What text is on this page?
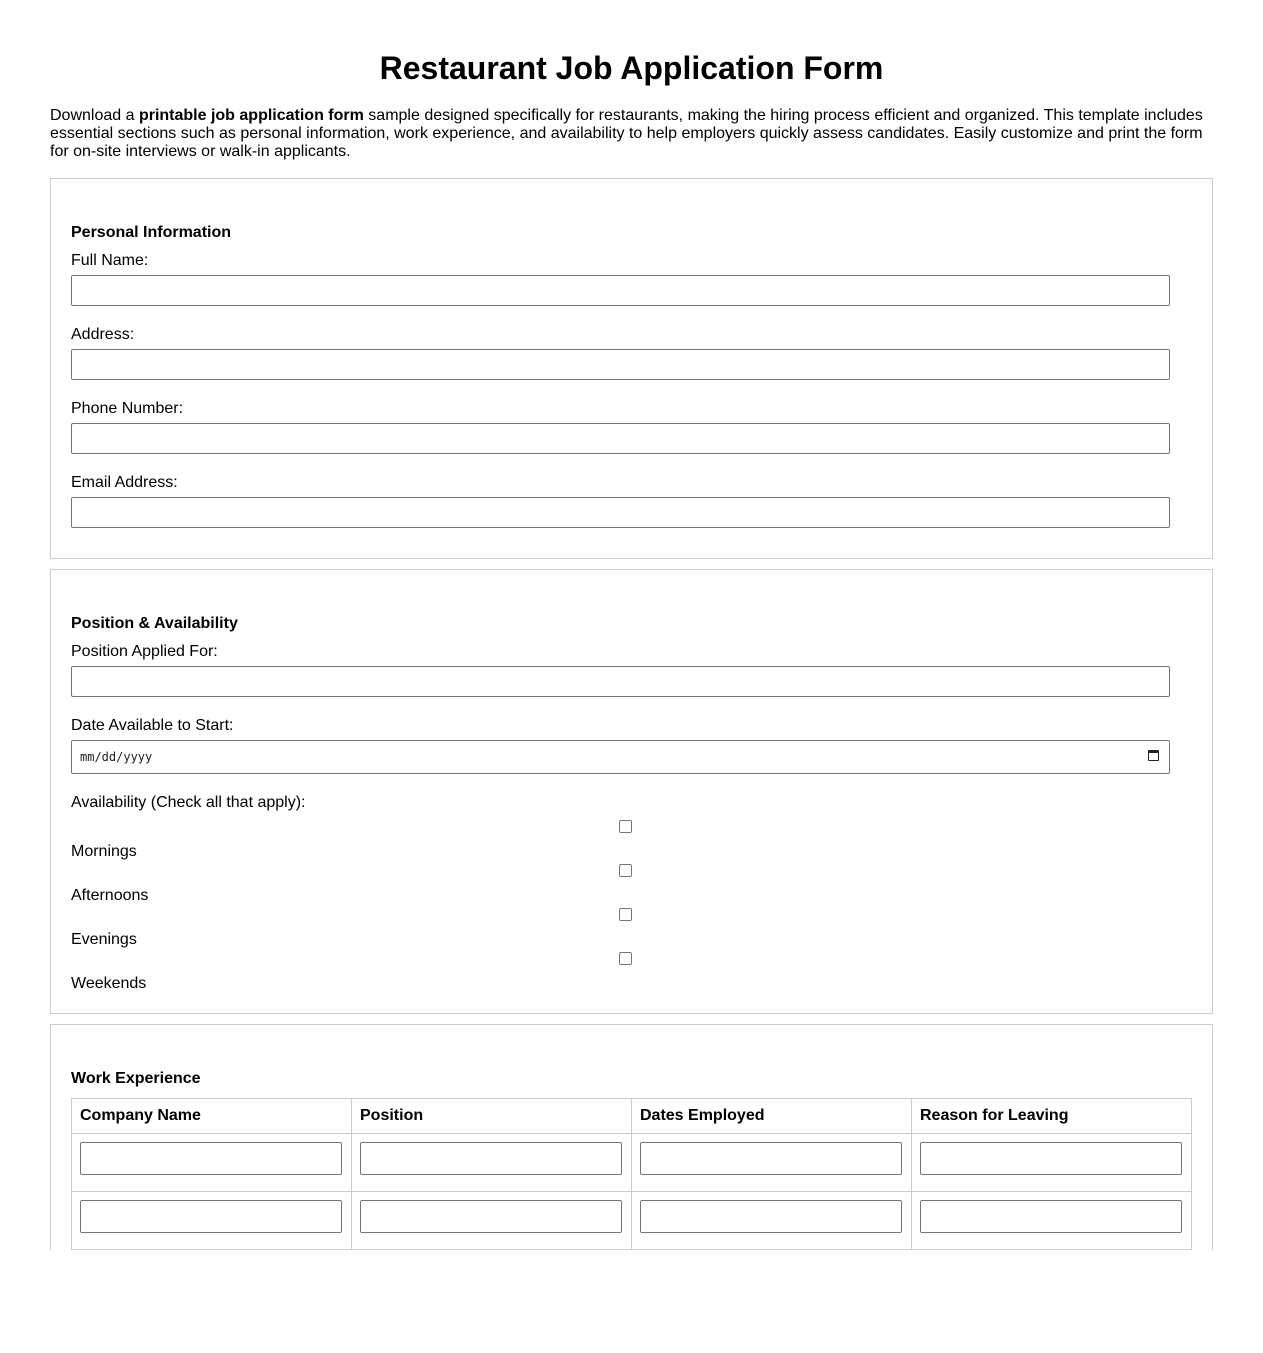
Restaurant Job Application Form

Download a printable job application form sample designed specifically for restaurants, making the hiring process efficient and organized. This template includes essential sections such as personal information, work experience, and availability to help employers quickly assess candidates. Easily customize and print the form for on-site interviews or walk-in applicants.

Personal Information
Full Name:
Address:
Phone Number:
Email Address:
Position & Availability
Position Applied For:
Date Available to Start:
mm/dd/yyyy
Availability (Check all that apply):
Mornings
Afternoons
Evenings
Weekends
Work Experience
Company Name	Position	Dates Employed	Reason for Leaving
